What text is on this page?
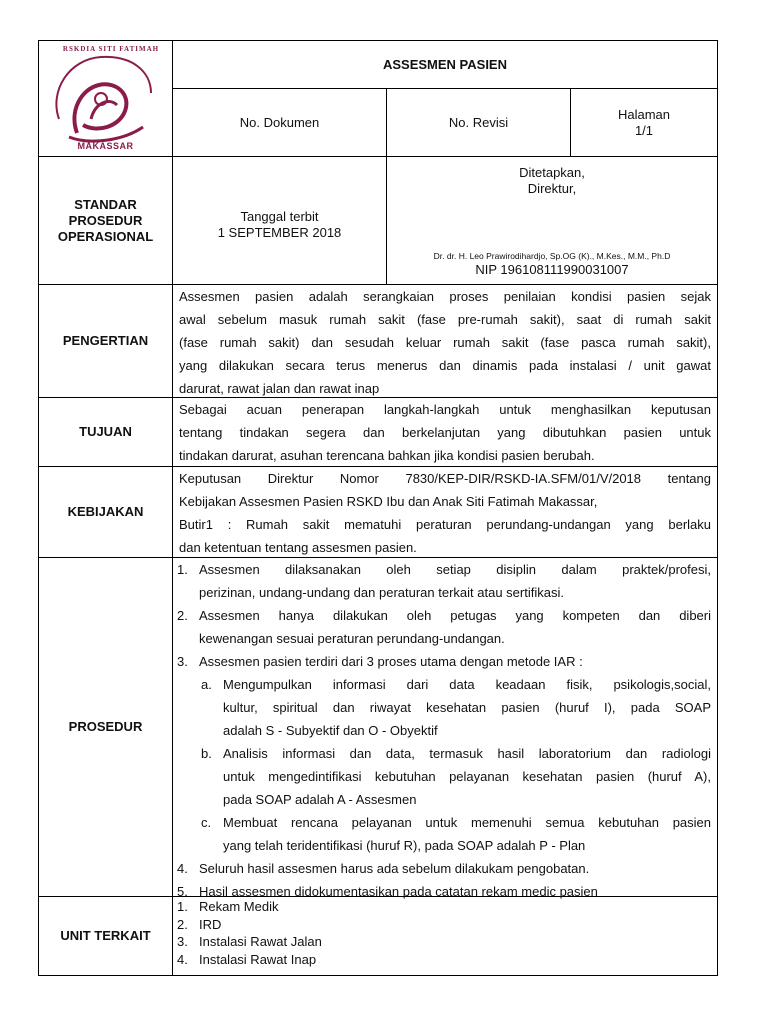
RSKDIA SITI FATIMAH
MAKASSAR
ASSESMEN PASIEN
No. Dokumen	No. Revisi
Halaman
1/1
STANDAR
PROSEDUR
OPERASIONAL
Tanggal terbit
1 SEPTEMBER 2018
Ditetapkan,
Direktur,
Dr. dr. H. Leo Prawirodihardjo, Sp.OG (K)., M.Kes., M.M., Ph.D
NIP 196108111990031007
PENGERTIAN
Assesmen pasien adalah serangkaian proses penilaian kondisi pasien sejak
awal sebelum masuk rumah sakit (fase pre-rumah sakit), saat di rumah sakit
(fase rumah sakit) dan sesudah keluar rumah sakit (fase pasca rumah sakit),
yang dilakukan secara terus menerus dan dinamis pada instalasi / unit gawat
darurat, rawat jalan dan rawat inap
TUJUAN
Sebagai acuan penerapan langkah-langkah untuk menghasilkan keputusan
tentang tindakan segera dan berkelanjutan yang dibutuhkan pasien untuk
tindakan darurat, asuhan terencana bahkan jika kondisi pasien berubah.
KEBIJAKAN
Keputusan Direktur Nomor 7830/KEP-DIR/RSKD-IA.SFM/01/V/2018 tentang
Kebijakan Assesmen Pasien RSKD Ibu dan Anak Siti Fatimah Makassar,
Butir1 : Rumah sakit mematuhi peraturan perundang-undangan yang berlaku
dan ketentuan tentang assesmen pasien.
PROSEDUR
1. Assesmen dilaksanakan oleh setiap disiplin dalam praktek/profesi,
perizinan, undang-undang dan peraturan terkait atau sertifikasi.
2. Assesmen hanya dilakukan oleh petugas yang kompeten dan diberi
kewenangan sesuai peraturan perundang-undangan.
3. Assesmen pasien terdiri dari 3 proses utama dengan metode IAR :
a. Mengumpulkan informasi dari data keadaan fisik, psikologis,social,
kultur, spiritual dan riwayat kesehatan pasien (huruf I), pada SOAP
adalah S - Subyektif dan O - Obyektif
b. Analisis informasi dan data, termasuk hasil laboratorium dan radiologi
untuk mengedintifikasi kebutuhan pelayanan kesehatan pasien (huruf A),
pada SOAP adalah A - Assesmen
c. Membuat rencana pelayanan untuk memenuhi semua kebutuhan pasien
yang telah teridentifikasi (huruf R), pada SOAP adalah P - Plan
4. Seluruh hasil assesmen harus ada sebelum dilakukam pengobatan.
5. Hasil assesmen didokumentasikan pada catatan rekam medic pasien
UNIT TERKAIT
1. Rekam Medik
2. IRD
3. Instalasi Rawat Jalan
4. Instalasi Rawat Inap
